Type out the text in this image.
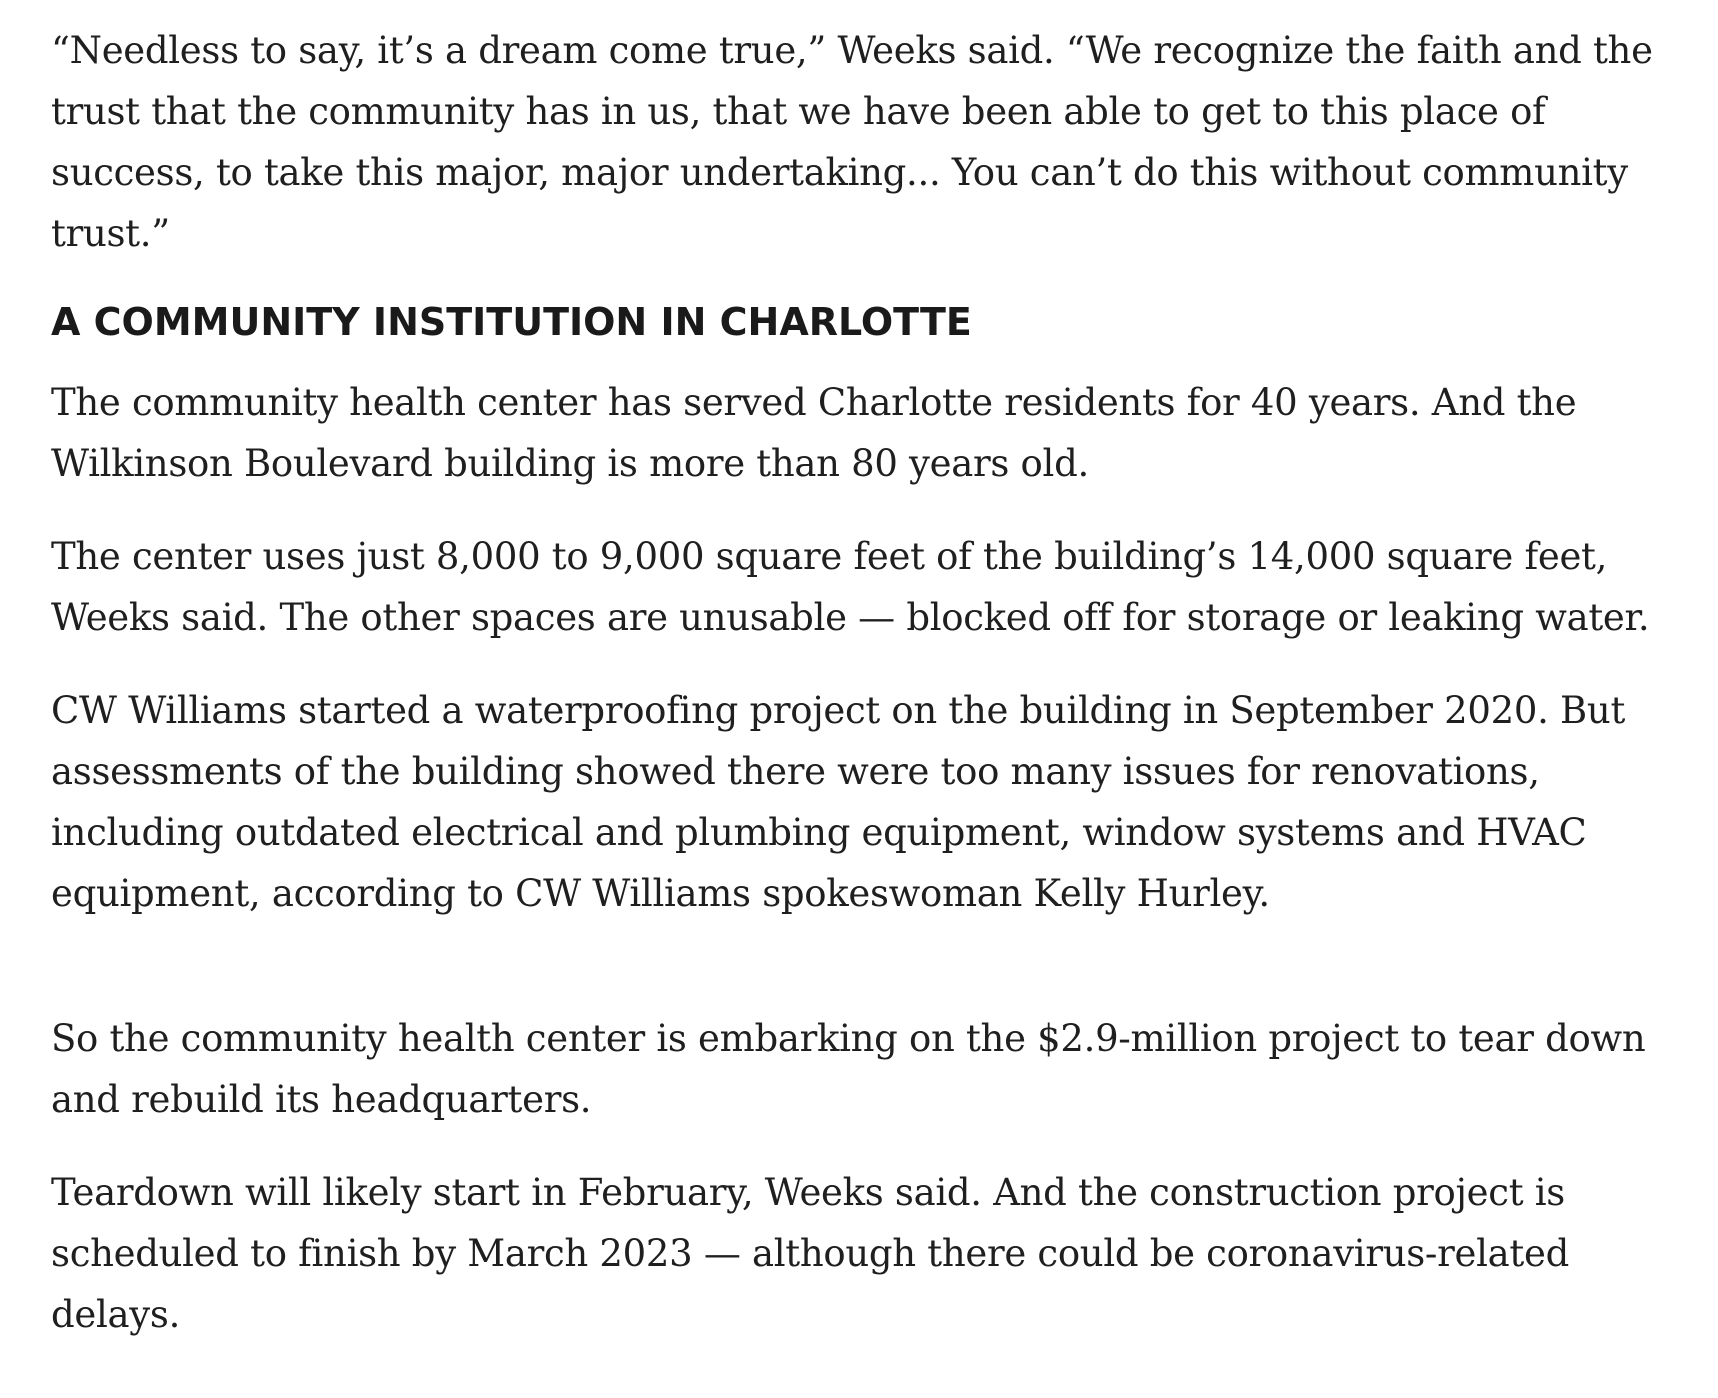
“Needless to say, it’s a dream come true,” Weeks said. “We recognize the faith and the trust that the community has in us, that we have been able to get to this place of success, to take this major, major undertaking... You can’t do this without community trust.”

A COMMUNITY INSTITUTION IN CHARLOTTE

The community health center has served Charlotte residents for 40 years. And the Wilkinson Boulevard building is more than 80 years old.

The center uses just 8,000 to 9,000 square feet of the building’s 14,000 square feet, Weeks said. The other spaces are unusable — blocked off for storage or leaking water.

CW Williams started a waterproofing project on the building in September 2020. But assessments of the building showed there were too many issues for renovations, including outdated electrical and plumbing equipment, window systems and HVAC equipment, according to CW Williams spokeswoman Kelly Hurley.

So the community health center is embarking on the $2.9-million project to tear down and rebuild its headquarters.

Teardown will likely start in February, Weeks said. And the construction project is scheduled to finish by March 2023 — although there could be coronavirus-related delays.
